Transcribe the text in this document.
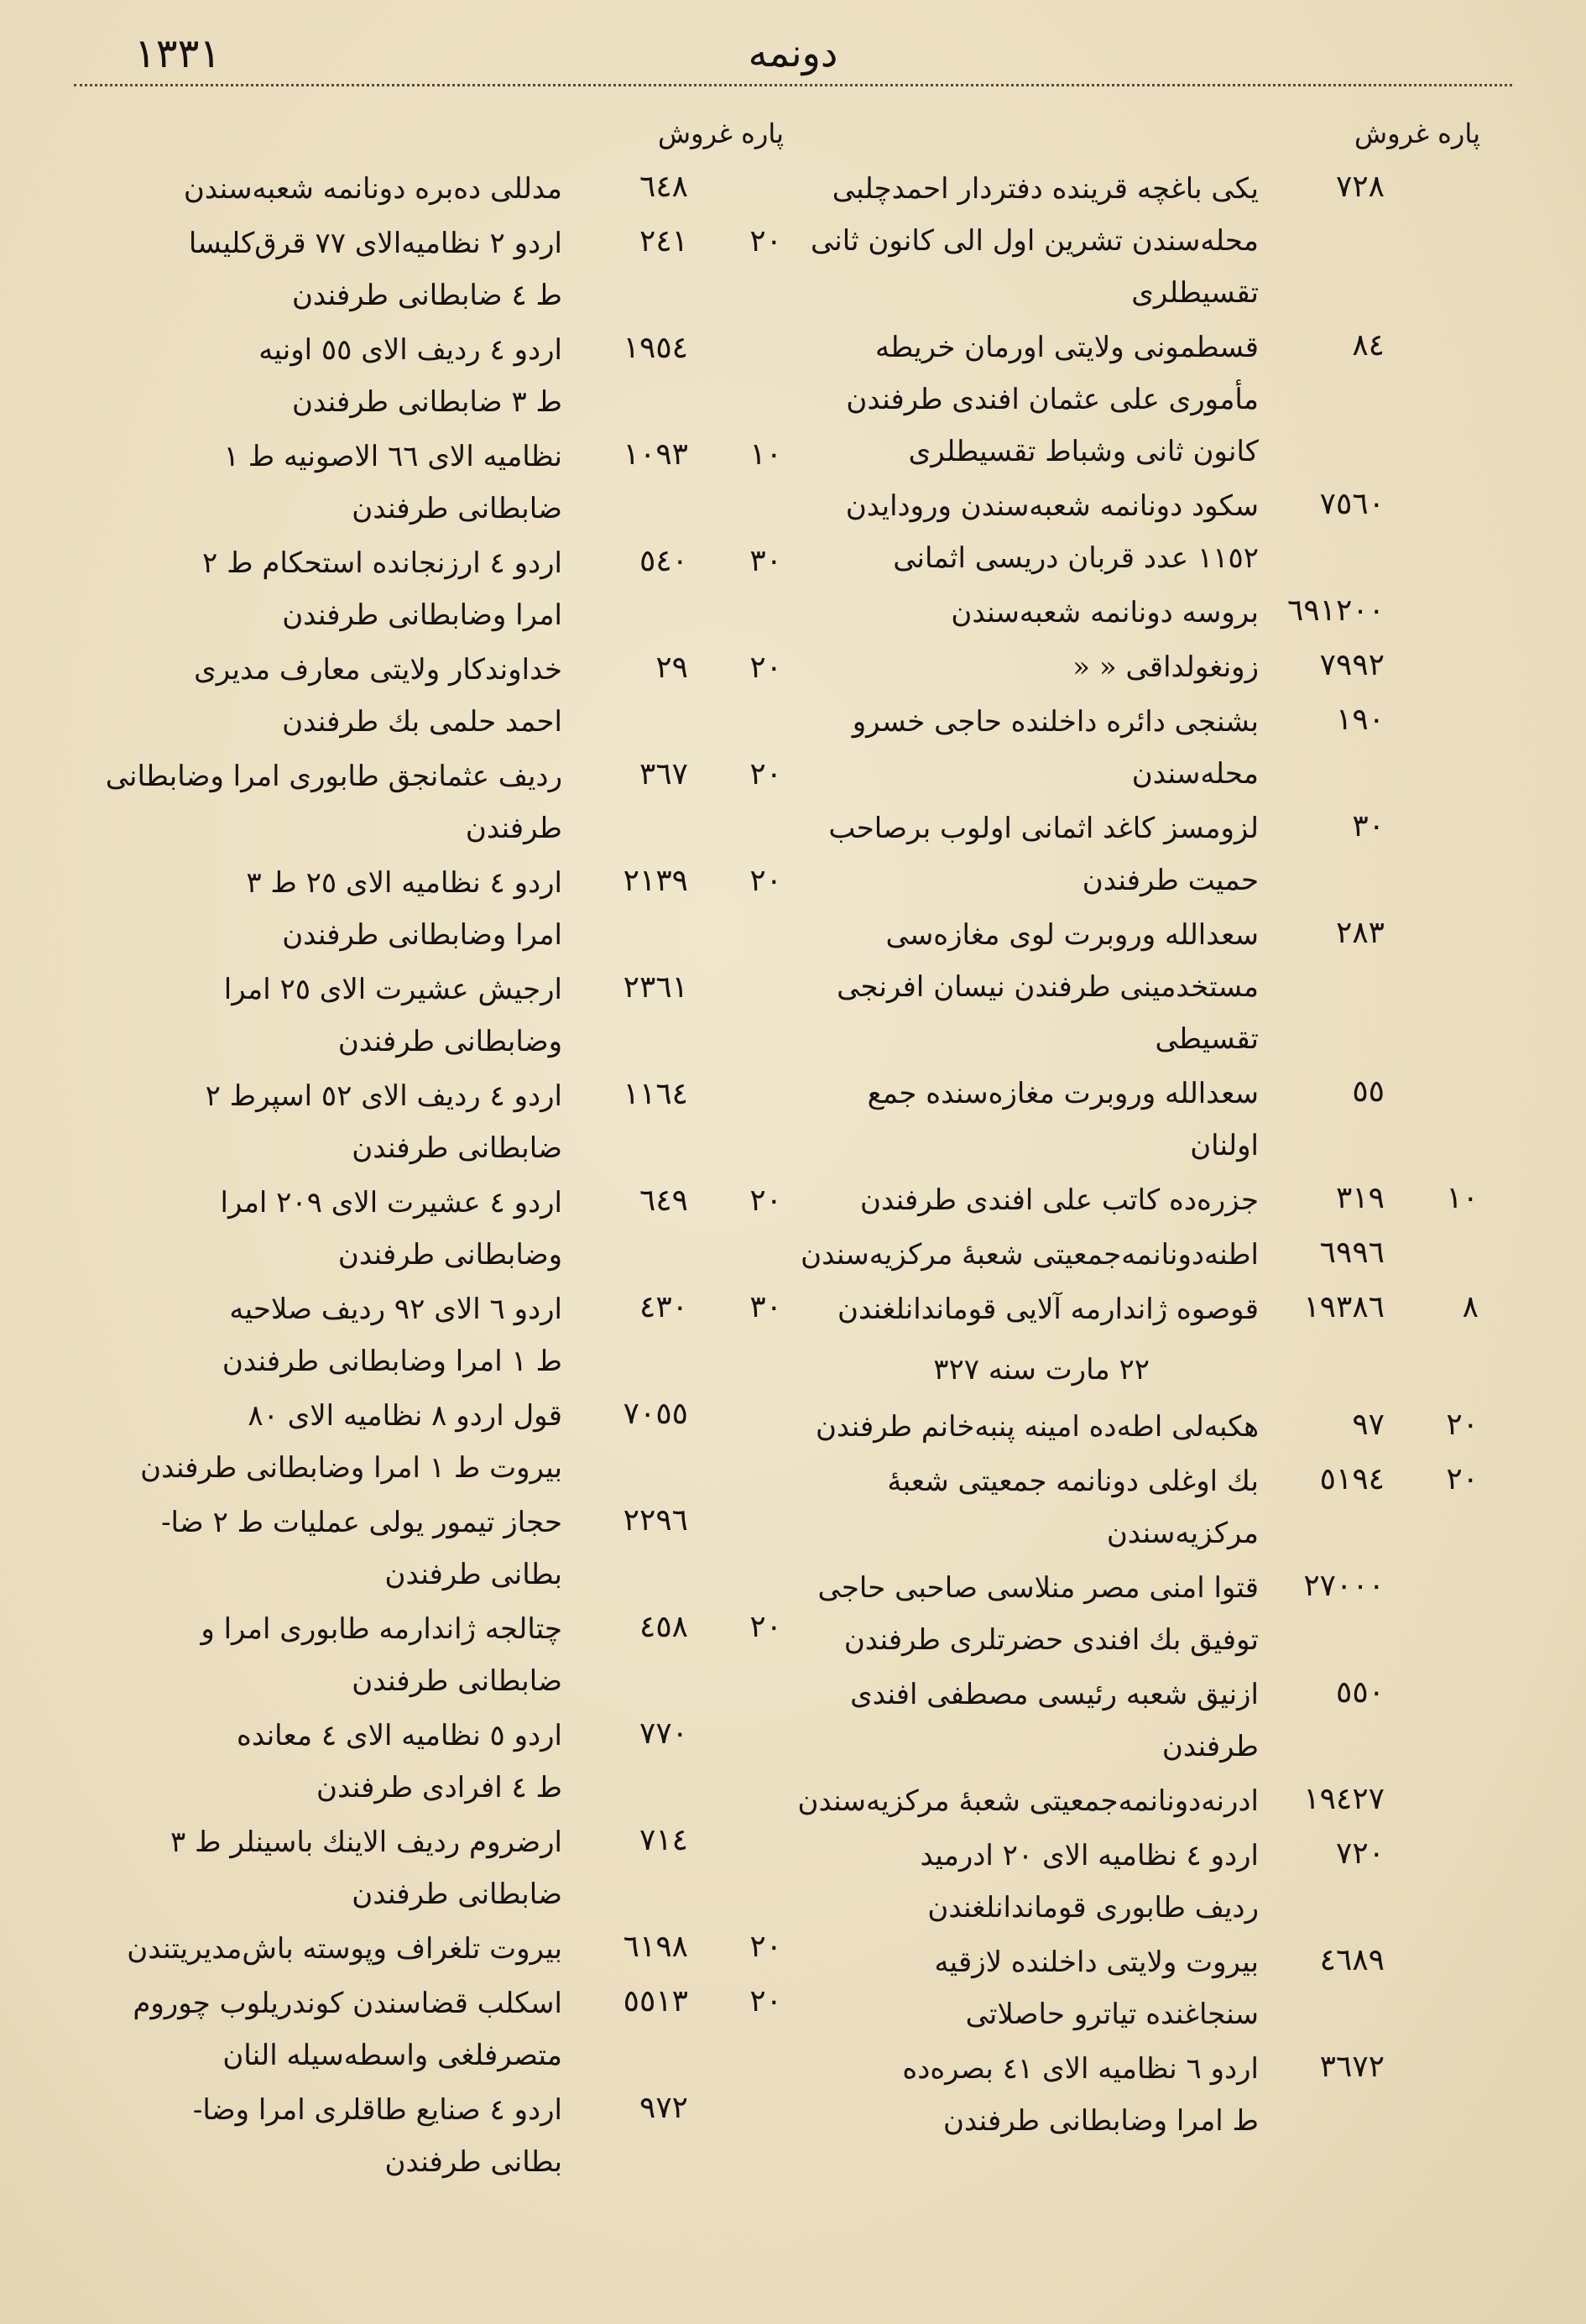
١٣٣١	دونمه
پاره غروش
٧٢٨
یکی باغچه قرینده دفتردار احمدچلبی
محله‌سندن تشرین اول الی کانون ثانی
تقسیطلری
٨٤
قسطمونی ولایتی اورمان خریطه
مأموری علی عثمان افندی طرفندن
کانون ثانی وشباط تقسیطلری
٧٥٦٠
سکود دونانمه شعبه‌سندن ورودایدن
١١٥٢ عدد قربان دریسی اثمانی
٦٩١٢٠٠
بروسه دونانمه شعبه‌سندن
٧٩٩٢
زونغولداقی « «
١٩٠
بشنجی دائره داخلنده حاجی خسرو
محله‌سندن
٣٠
لزومسز کاغد اثمانی اولوب برصاحب
حمیت طرفندن
٢٨٣
سعدالله وروبرت لوی مغازه‌سی
مستخدمینی طرفندن نیسان افرنجی
تقسیطی
٥٥
سعدالله وروبرت مغازه‌سنده جمع
اولنان
١٠
٣١٩
جزره‌ده کاتب علی افندی طرفندن
٦٩٩٦
اطنه‌دونانمه‌جمعیتی شعبهٔ مرکزیه‌سندن
٨
١٩٣٨٦
قوصوه ژاندارمه آلایی قوماندانلغندن
٢٢ مارت سنه ٣٢٧
٢٠
٩٧
هکبه‌لی اطه‌ده امینه پنبه‌خانم طرفندن
٢٠
٥١٩٤
بك اوغلی دونانمه جمعیتی شعبهٔ
مرکزیه‌سندن
٢٧٠٠٠
قتوا امنی مصر منلاسی صاحبی حاجی
توفیق بك افندی حضرتلری طرفندن
٥٥٠
ازنیق شعبه رئیسی مصطفی افندی
طرفندن
١٩٤٢٧
ادرنه‌دونانمه‌جمعیتی شعبهٔ مرکزیه‌سندن
٧٢٠
اردو ٤ نظامیه الای ٢٠ ادرمید
ردیف طابوری قوماندانلغندن
٤٦٨٩
بیروت ولایتی داخلنده لازقیه
سنجاغنده تیاترو حاصلاتی
٣٦٧٢
اردو ٦ نظامیه الای ٤١ بصره‌ده
ط امرا وضابطانی طرفندن
پاره غروش
٦٤٨
مدللی ده‌بره دونانمه شعبه‌سندن
٢٠
٢٤١
اردو ٢ نظامیه‌الای ٧٧ قرق‌کلیسا
ط ٤ ضابطانی طرفندن
١٩٥٤
اردو ٤ ردیف الای ٥٥ اونیه
ط ٣ ضابطانی طرفندن
١٠
١٠٩٣
نظامیه الای ٦٦ الاصونیه ط ١
ضابطانی طرفندن
٣٠
٥٤٠
اردو ٤ ارزنجانده استحکام ط ٢
امرا وضابطانی طرفندن
٢٠
٢٩
خداوندکار ولایتی معارف مدیری
احمد حلمی بك طرفندن
٢٠
٣٦٧
ردیف عثمانجق طابوری امرا وضابطانی
طرفندن
٢٠
٢١٣٩
اردو ٤ نظامیه الای ٢٥ ط ٣
امرا وضابطانی طرفندن
٢٣٦١
ارجیش عشیرت الای ٢٥ امرا
وضابطانی طرفندن
١١٦٤
اردو ٤ ردیف الای ٥٢ اسپرط ٢
ضابطانی طرفندن
٢٠
٦٤٩
اردو ٤ عشیرت الای ٢٠٩ امرا
وضابطانی طرفندن
٣٠
٤٣٠
اردو ٦ الای ٩٢ ردیف صلاحیه
ط ١ امرا وضابطانی طرفندن
٧٠٥٥
قول اردو ٨ نظامیه الای ٨٠
بیروت ط ١ امرا وضابطانی طرفندن
٢٢٩٦
حجاز تیمور یولی عملیات ط ٢ ضا-
بطانی طرفندن
٢٠
٤٥٨
چتالجه ژاندارمه طابوری امرا و
ضابطانی طرفندن
٧٧٠
اردو ٥ نظامیه الای ٤ معانده
ط ٤ افرادی طرفندن
٧١٤
ارضروم ردیف الاینك باسینلر ط ٣
ضابطانی طرفندن
٢٠
٦١٩٨
بیروت تلغراف وپوسته باش‌مدیریتندن
٢٠
٥٥١٣
اسکلب قضاسندن کوندریلوب چوروم
متصرفلغی واسطه‌سیله النان
٩٧٢
اردو ٤ صنایع طاقلری امرا وضا-
بطانی طرفندن
